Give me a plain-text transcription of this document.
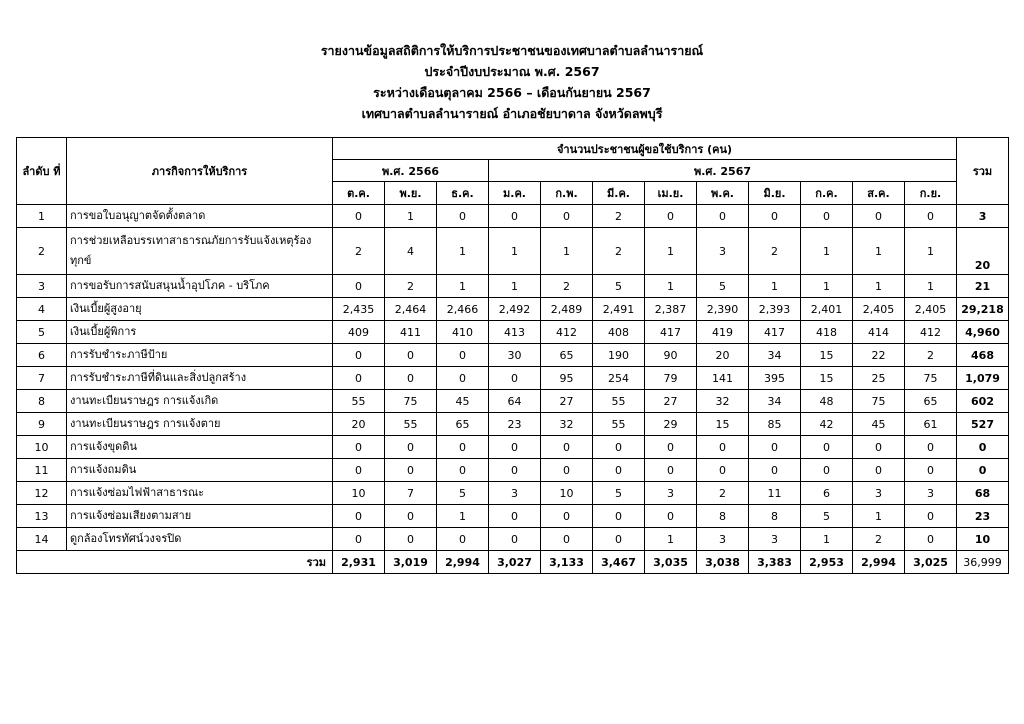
รายงานข้อมูลสถิติการให้บริการประชาชนของเทศบาลตำบลลำนารายณ์
ประจำปีงบประมาณ พ.ศ. 2567
ระหว่างเดือนตุลาคม 2566 – เดือนกันยายน 2567
เทศบาลตำบลลำนารายณ์ อำเภอชัยบาดาล จังหวัดลพบุรี
ลำดับ ที่	ภารกิจการให้บริการ	จำนวนประชาชนผู้ขอใช้บริการ (คน)												รวม
		พ.ศ. 2566			พ.ศ. 2567									
		ต.ค.	พ.ย.	ธ.ค.	ม.ค.	ก.พ.	มี.ค.	เม.ย.	พ.ค.	มิ.ย.	ก.ค.	ส.ค.	ก.ย.	
1	การขอใบอนุญาตจัดตั้งตลาด	0	1	0	0	0	2	0	0	0	0	0	0	3
2	การช่วยเหลือบรรเทาสาธารณภัยการรับแจ้งเหตุร้องทุกข์	2	4	1	1	1	2	1	3	2	1	1	1	20
3	การขอรับการสนับสนุนน้ำอุปโภค - บริโภค	0	2	1	1	2	5	1	5	1	1	1	1	21
4	เงินเบี้ยผู้สูงอายุ	2,435	2,464	2,466	2,492	2,489	2,491	2,387	2,390	2,393	2,401	2,405	2,405	29,218
5	เงินเบี้ยผู้พิการ	409	411	410	413	412	408	417	419	417	418	414	412	4,960
6	การรับชำระภาษีป้าย	0	0	0	30	65	190	90	20	34	15	22	2	468
7	การรับชำระภาษีที่ดินและสิ่งปลูกสร้าง	0	0	0	0	95	254	79	141	395	15	25	75	1,079
8	งานทะเบียนราษฎร การแจ้งเกิด	55	75	45	64	27	55	27	32	34	48	75	65	602
9	งานทะเบียนราษฎร การแจ้งตาย	20	55	65	23	32	55	29	15	85	42	45	61	527
10	การแจ้งขุดดิน	0	0	0	0	0	0	0	0	0	0	0	0	0
11	การแจ้งถมดิน	0	0	0	0	0	0	0	0	0	0	0	0	0
12	การแจ้งซ่อมไฟฟ้าสาธารณะ	10	7	5	3	10	5	3	2	11	6	3	3	68
13	การแจ้งซ่อมเสียงตามสาย	0	0	1	0	0	0	0	8	8	5	1	0	23
14	ดูกล้องโทรทัศน์วงจรปิด	0	0	0	0	0	0	1	3	3	1	2	0	10
รวม		2,931	3,019	2,994	3,027	3,133	3,467	3,035	3,038	3,383	2,953	2,994	3,025	36,999
